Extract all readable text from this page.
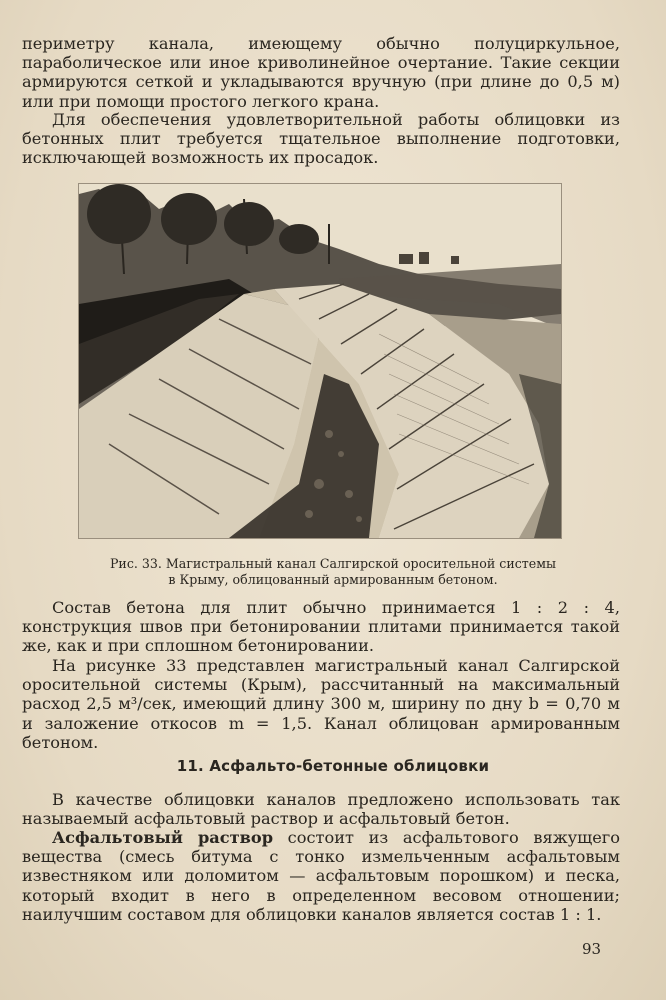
периметру канала, имеющему обычно полуциркульное, параболическое или иное криволинейное очертание. Такие секции армируются сеткой и укладываются вручную (при длине до 0,5 м) или при помощи простого легкого крана.

Для обеспечения удовлетворительной работы облицовки из бетонных плит требуется тщательное выполнение подготовки, исключающей возможность их просадок.

Рис. 33. Магистральный канал Салгирской оросительной системы
в Крыму, облицованный армированным бетоном.

Состав бетона для плит обычно принимается 1 : 2 : 4, конструкция швов при бетонировании плитами принимается такой же, как и при сплошном бетонировании.

На рисунке 33 представлен магистральный канал Салгирской оросительной системы (Крым), рассчитанный на максимальный расход 2,5 м³/сек, имеющий длину 300 м, ширину по дну b = 0,70 м и заложение откосов m = 1,5. Канал облицован армированным бетоном.

11. Асфальто-бетонные облицовки

В качестве облицовки каналов предложено использовать так называемый асфальтовый раствор и асфальтовый бетон.

Асфальтовый раствор состоит из асфальтового вяжущего вещества (смесь битума с тонко измельченным асфальтовым известняком или доломитом — асфальтовым порошком) и песка, который входит в него в определенном весовом отношении; наилучшим составом для облицовки каналов является состав 1 : 1.

93
